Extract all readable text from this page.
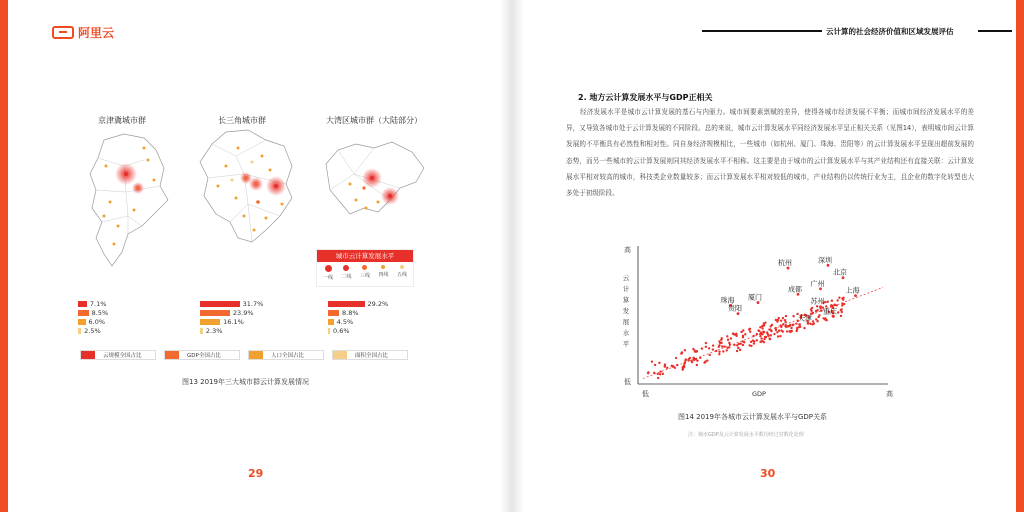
阿里云
京津冀城市群	长三角城市群	大湾区城市群（大陆部分）
城市云计算发展水平
一线 二线 三线 四线 五线
7.1%
8.5%
6.0%
2.5%
31.7%
23.9%
16.1%
2.3%
29.2%
8.8%
4.5%
0.6%
云规模全国占比	GDP全国占比	人口全国占比	面积全国占比
图13 2019年三大城市群云计算发展情况
29
云计算的社会经济价值和区域发展评估
2. 地方云计算发展水平与GDP正相关
经济发展水平是城市云计算发展的基石与内驱力。城市间要素禀赋的差异，使得各城市经济发展不平衡；而城市间经济发展水平的差异，又导致各城市处于云计算发展的不同阶段。总的来说，城市云计算发展水平同经济发展水平呈正相关关系（见图14），表明城市间云计算发展的不平衡具有必然性和相对性。同自身经济规模相比，一些城市（如杭州、厦门、珠海、贵阳等）的云计算发展水平呈现出超前发展的态势，而另一些城市的云计算发展则同其经济发展水平不相称。这主要是由于城市的云计算发展水平与其产业结构还有直接关联：云计算发展水平相对较高的城市，科技类企业数量较多；而云计算发展水平相对较低的城市，产业结构仍以传统行业为主，且企业的数字化转型也大多处于初级阶段。
高
低
低	高
GDP
云计算发展水平
杭州	深圳
北京
广州
成都
厦门
上海
珠海	苏州
贵阳	重庆
天津
图14 2019年各城市云计算发展水平与GDP关系
注：城市GDP及云计算发展水平数均经过对数化处理
30
